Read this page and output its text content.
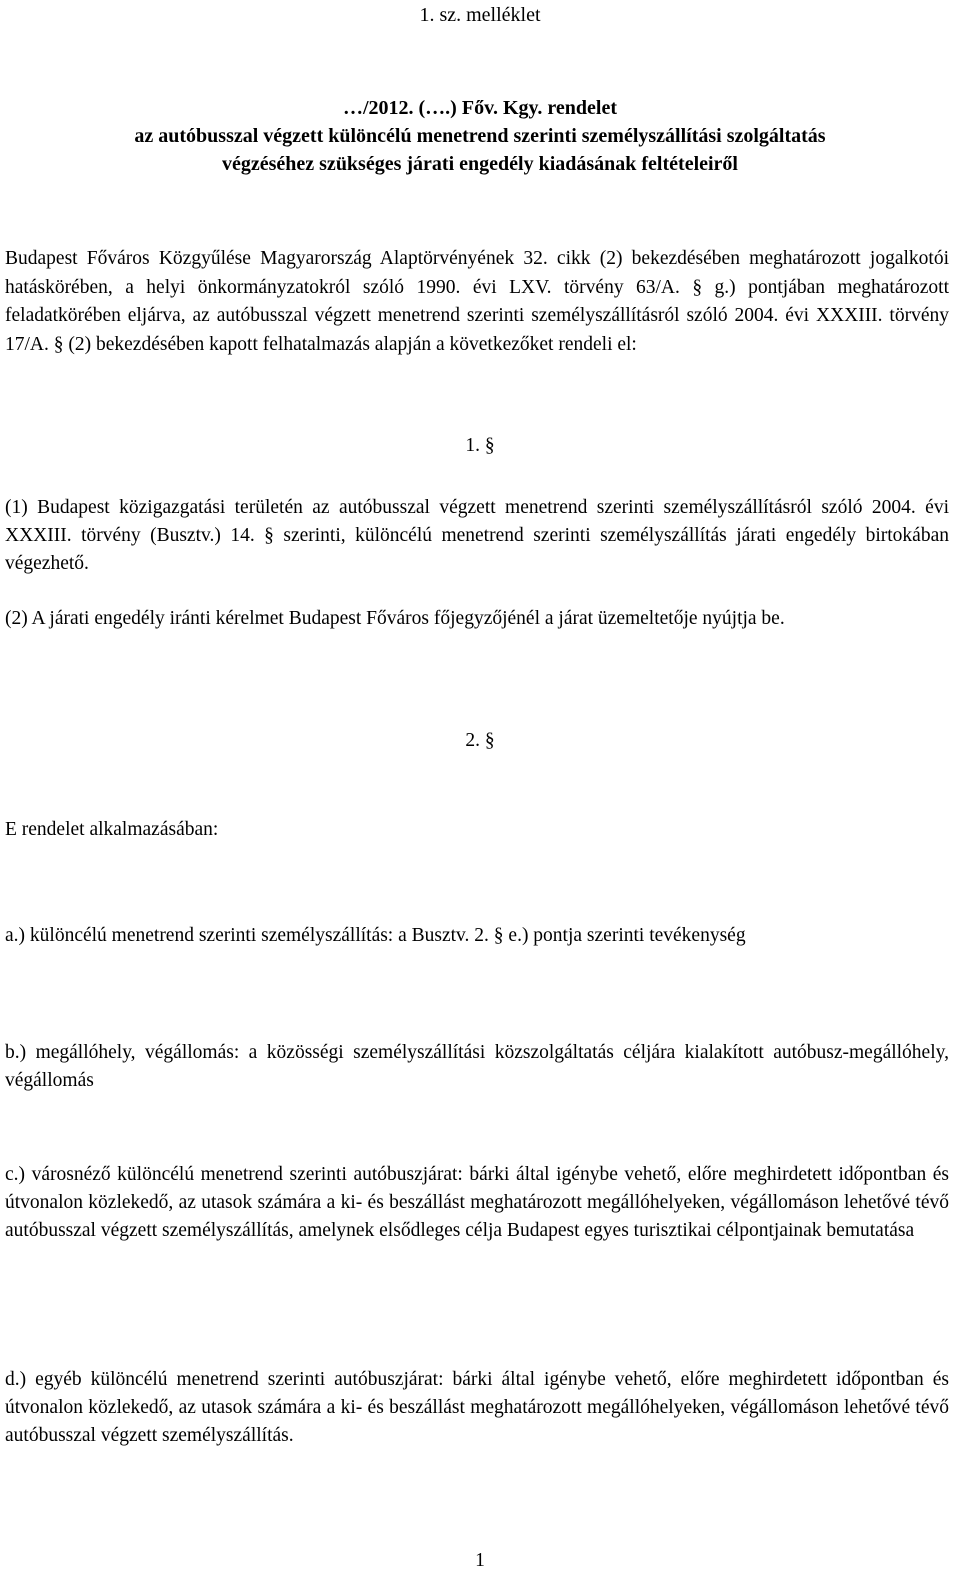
1. sz. melléklet
…/2012. (….) Főv. Kgy. rendelet
az autóbusszal végzett különcélú menetrend szerinti személyszállítási szolgáltatás
végzéséhez szükséges járati engedély kiadásának feltételeiről

Budapest Főváros Közgyűlése Magyarország Alaptörvényének 32. cikk (2) bekezdésében meghatározott jogalkotói hatáskörében, a helyi önkormányzatokról szóló 1990. évi LXV. törvény 63/A. § g.) pontjában meghatározott feladatkörében eljárva, az autóbusszal végzett menetrend szerinti személyszállításról szóló 2004. évi XXXIII. törvény 17/A. § (2) bekezdésében kapott felhatalmazás alapján a következőket rendeli el:

1. §

(1) Budapest közigazgatási területén az autóbusszal végzett menetrend szerinti személyszállításról szóló 2004. évi XXXIII. törvény (Busztv.) 14. § szerinti, különcélú menetrend szerinti személyszállítás járati engedély birtokában végezhető.

(2) A járati engedély iránti kérelmet Budapest Főváros főjegyzőjénél a járat üzemeltetője nyújtja be.

2. §

E rendelet alkalmazásában:

a.) különcélú menetrend szerinti személyszállítás: a Busztv. 2. § e.) pontja szerinti tevékenység

b.) megállóhely, végállomás: a közösségi személyszállítási közszolgáltatás céljára kialakított autóbusz-megállóhely, végállomás

c.) városnéző különcélú menetrend szerinti autóbuszjárat: bárki által igénybe vehető, előre meghirdetett időpontban és útvonalon közlekedő, az utasok számára a ki- és beszállást meghatározott megállóhelyeken, végállomáson lehetővé tévő autóbusszal végzett személyszállítás, amelynek elsődleges célja Budapest egyes turisztikai célpontjainak bemutatása

d.) egyéb különcélú menetrend szerinti autóbuszjárat: bárki által igénybe vehető, előre meghirdetett időpontban és útvonalon közlekedő, az utasok számára a ki- és beszállást meghatározott megállóhelyeken, végállomáson lehetővé tévő autóbusszal végzett személyszállítás.

1
